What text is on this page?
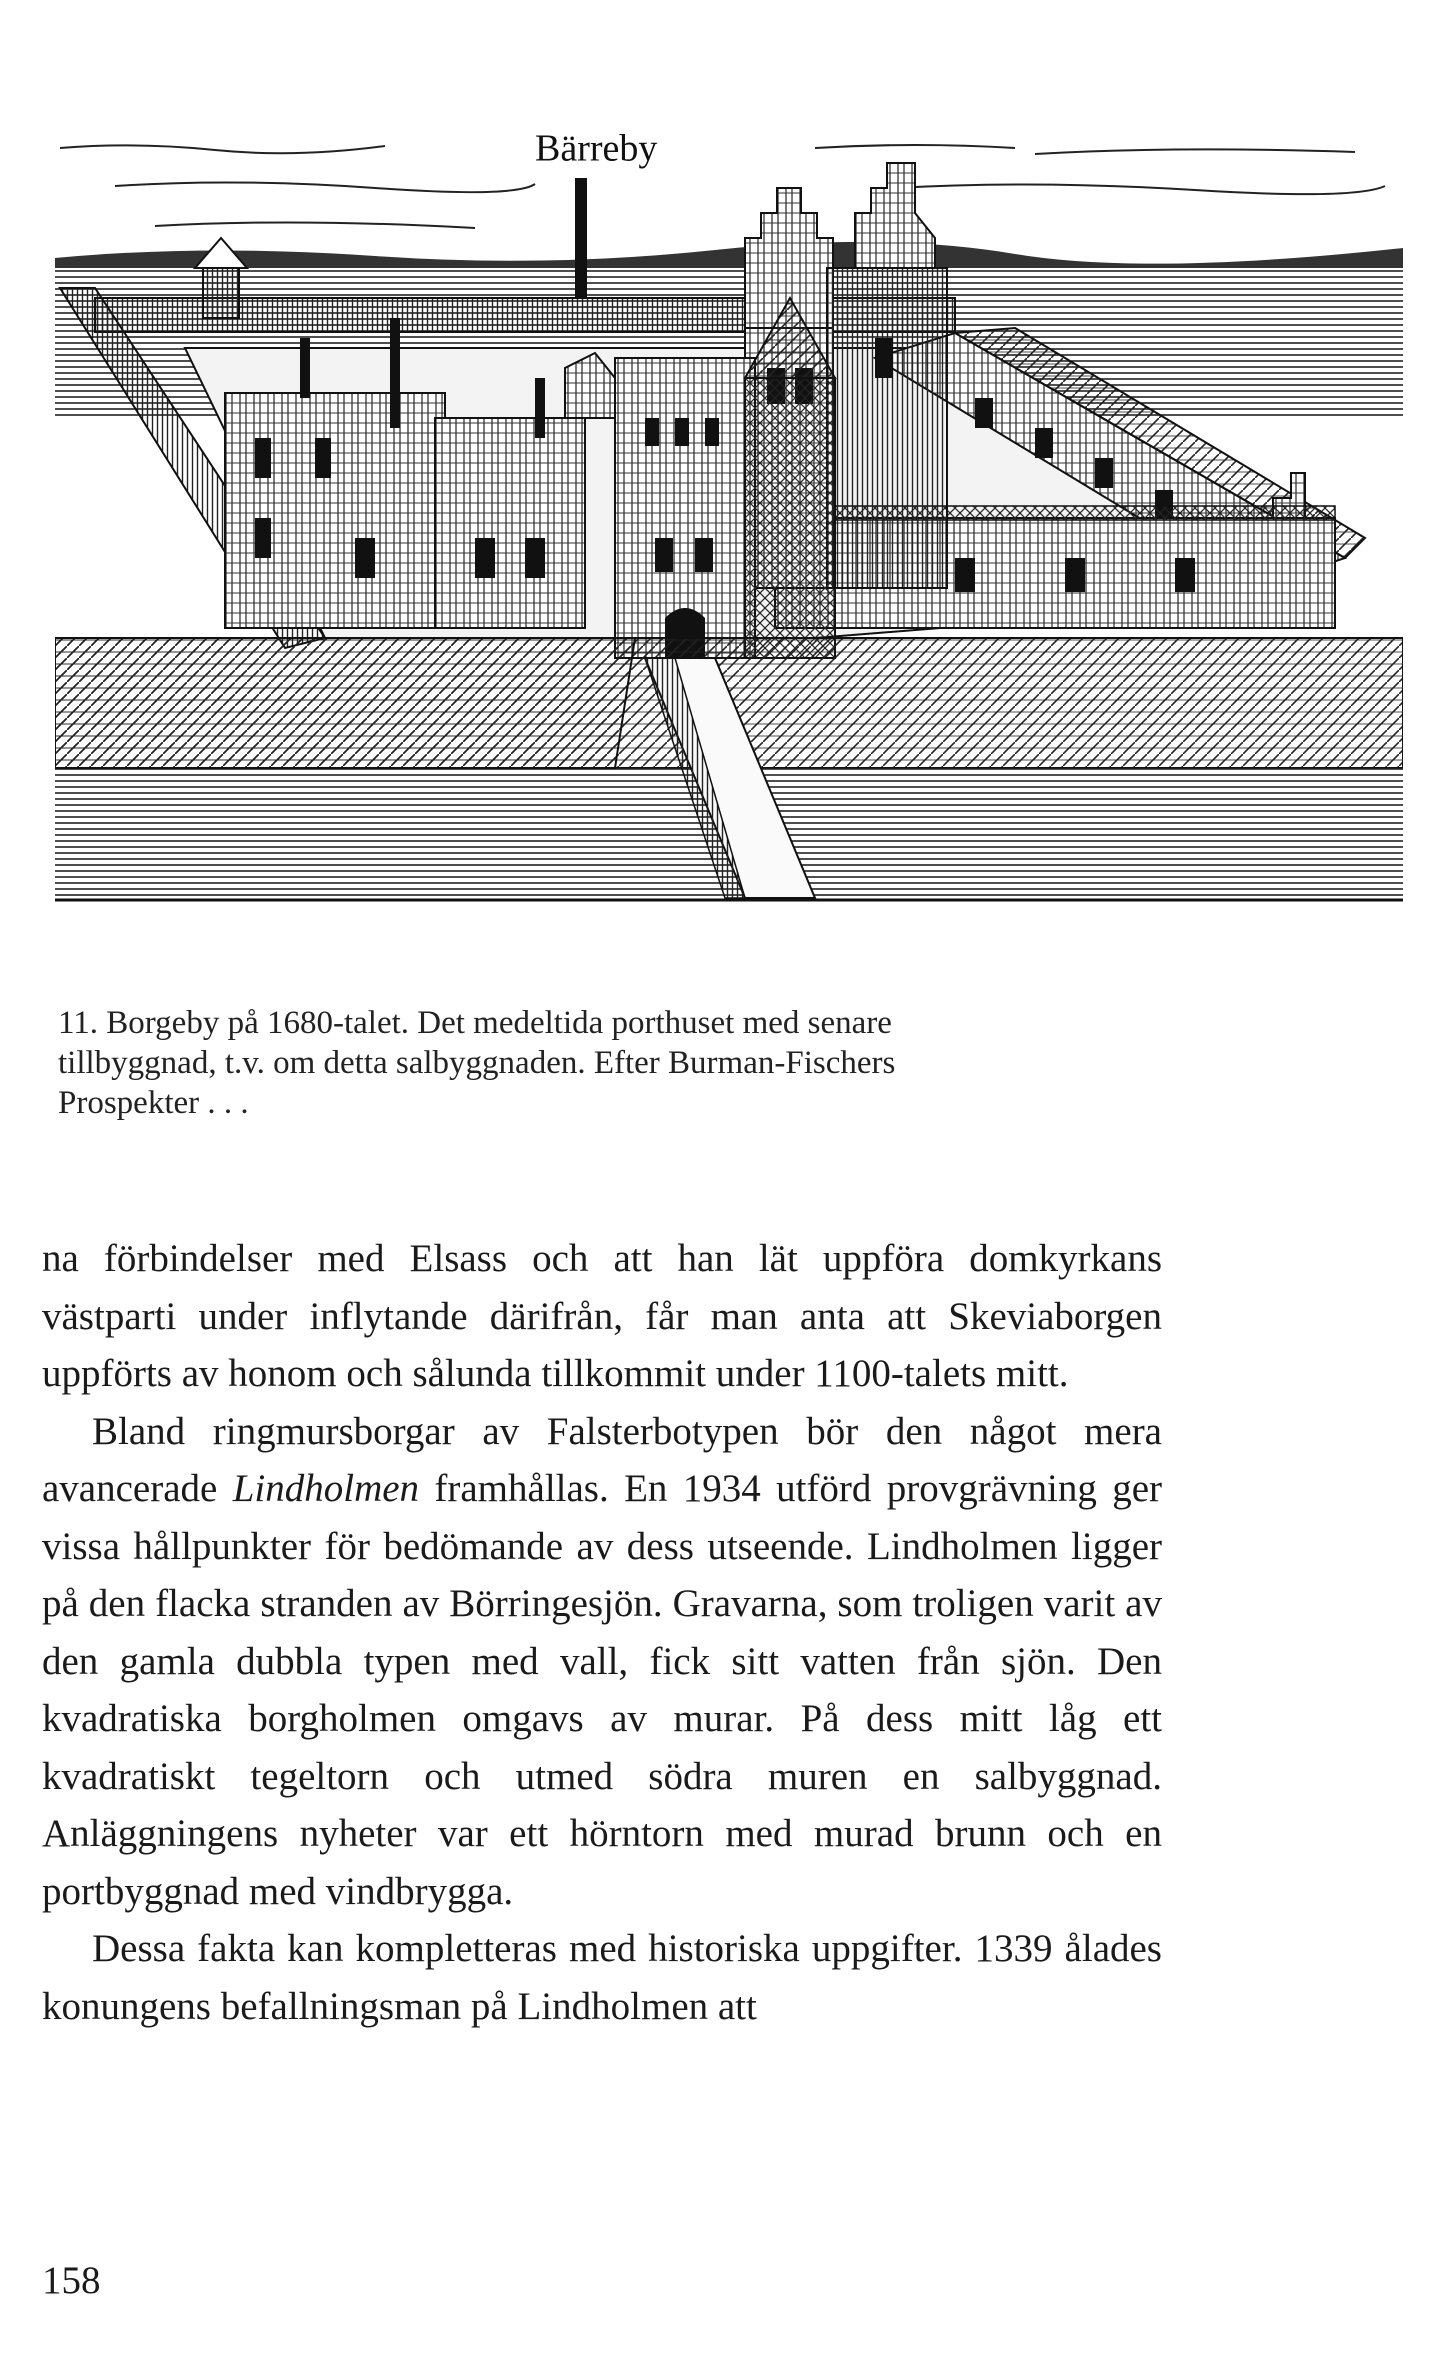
Bärreby

11. Borgeby på 1680-talet. Det medeltida porthuset med senare

tillbyggnad, t.v. om detta salbyggnaden. Efter Burman-Fischers

Prospekter . . .

na förbindelser med Elsass och att han lät uppföra domkyrkans västparti under inflytande därifrån, får man anta att Skeviaborgen uppförts av honom och sålunda tillkommit under 1100-talets mitt.

Bland ringmursborgar av Falsterbotypen bör den något mera avancerade Lindholmen framhållas. En 1934 utförd provgrävning ger vissa hållpunkter för bedömande av dess utseende. Lindholmen ligger på den flacka stranden av Börringesjön. Gravarna, som troligen varit av den gamla dubbla typen med vall, fick sitt vatten från sjön. Den kvadratiska borgholmen omgavs av murar. På dess mitt låg ett kvadratiskt tegeltorn och utmed södra muren en salbyggnad. Anläggningens nyheter var ett hörntorn med murad brunn och en portbyggnad med vindbrygga.

Dessa fakta kan kompletteras med historiska uppgifter. 1339 ålades konungens befallningsman på Lindholmen att

158
